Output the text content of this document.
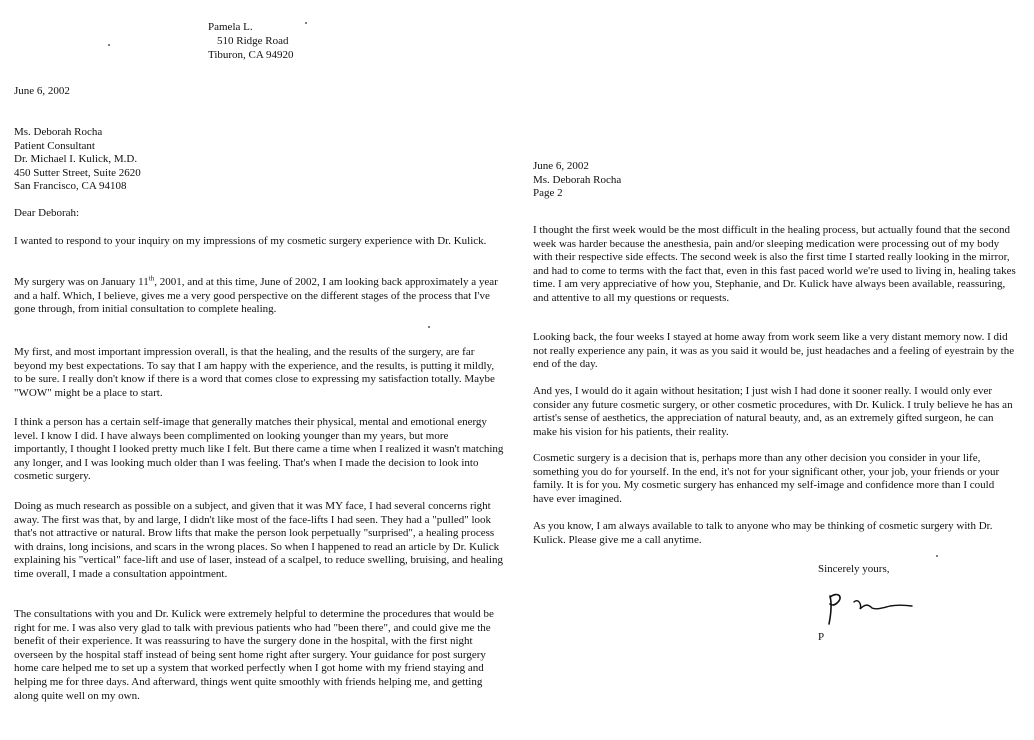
Pamela L.
510 Ridge Road
Tiburon, CA 94920
June 6, 2002
Ms. Deborah Rocha
Patient Consultant
Dr. Michael I. Kulick, M.D.
450 Sutter Street, Suite 2620
San Francisco, CA 94108
Dear Deborah:

I wanted to respond to your inquiry on my impressions of my cosmetic surgery experience with Dr. Kulick.

My surgery was on January 11th, 2001, and at this time, June of 2002, I am looking back approximately a year and a half. Which, I believe, gives me a very good perspective on the different stages of the process that I've gone through, from initial consultation to complete healing.

My first, and most important impression overall, is that the healing, and the results of the surgery, are far beyond my best expectations. To say that I am happy with the experience, and the results, is putting it mildly, to be sure. I really don't know if there is a word that comes close to expressing my satisfaction totally. Maybe "WOW" might be a place to start.

I think a person has a certain self-image that generally matches their physical, mental and emotional energy level. I know I did. I have always been complimented on looking younger than my years, but more importantly, I thought I looked pretty much like I felt. But there came a time when I realized it wasn't matching any longer, and I was looking much older than I was feeling. That's when I made the decision to look into cosmetic surgery.

Doing as much research as possible on a subject, and given that it was MY face, I had several concerns right away. The first was that, by and large, I didn't like most of the face-lifts I had seen. They had a "pulled" look that's not attractive or natural. Brow lifts that make the person look perpetually "surprised", a healing process with drains, long incisions, and scars in the wrong places. So when I happened to read an article by Dr. Kulick explaining his "vertical" face-lift and use of laser, instead of a scalpel, to reduce swelling, bruising, and healing time overall, I made a consultation appointment.

The consultations with you and Dr. Kulick were extremely helpful to determine the procedures that would be right for me. I was also very glad to talk with previous patients who had "been there", and could give me the benefit of their experience. It was reassuring to have the surgery done in the hospital, with the first night overseen by the hospital staff instead of being sent home right after surgery. Your guidance for post surgery home care helped me to set up a system that worked perfectly when I got home with my friend staying and helping me for three days. And afterward, things went quite smoothly with friends helping me, and getting along quite well on my own.

June 6, 2002
Ms. Deborah Rocha
Page 2

I thought the first week would be the most difficult in the healing process, but actually found that the second week was harder because the anesthesia, pain and/or sleeping medication were processing out of my body with their respective side effects. The second week is also the first time I started really looking in the mirror, and had to come to terms with the fact that, even in this fast paced world we're used to living in, healing takes time. I am very appreciative of how you, Stephanie, and Dr. Kulick have always been available, reassuring, and attentive to all my questions or requests.

Looking back, the four weeks I stayed at home away from work seem like a very distant memory now. I did not really experience any pain, it was as you said it would be, just headaches and a feeling of eyestrain by the end of the day.

And yes, I would do it again without hesitation; I just wish I had done it sooner really. I would only ever consider any future cosmetic surgery, or other cosmetic procedures, with Dr. Kulick. I truly believe he has an artist's sense of aesthetics, the appreciation of natural beauty, and, as an extremely gifted surgeon, he can make his vision for his patients, their reality.

Cosmetic surgery is a decision that is, perhaps more than any other decision you consider in your life, something you do for yourself. In the end, it's not for your significant other, your job, your friends or your family. It is for you. My cosmetic surgery has enhanced my self-image and confidence more than I could have ever imagined.

As you know, I am always available to talk to anyone who may be thinking of cosmetic surgery with Dr. Kulick. Please give me a call anytime.

Sincerely yours,
P
